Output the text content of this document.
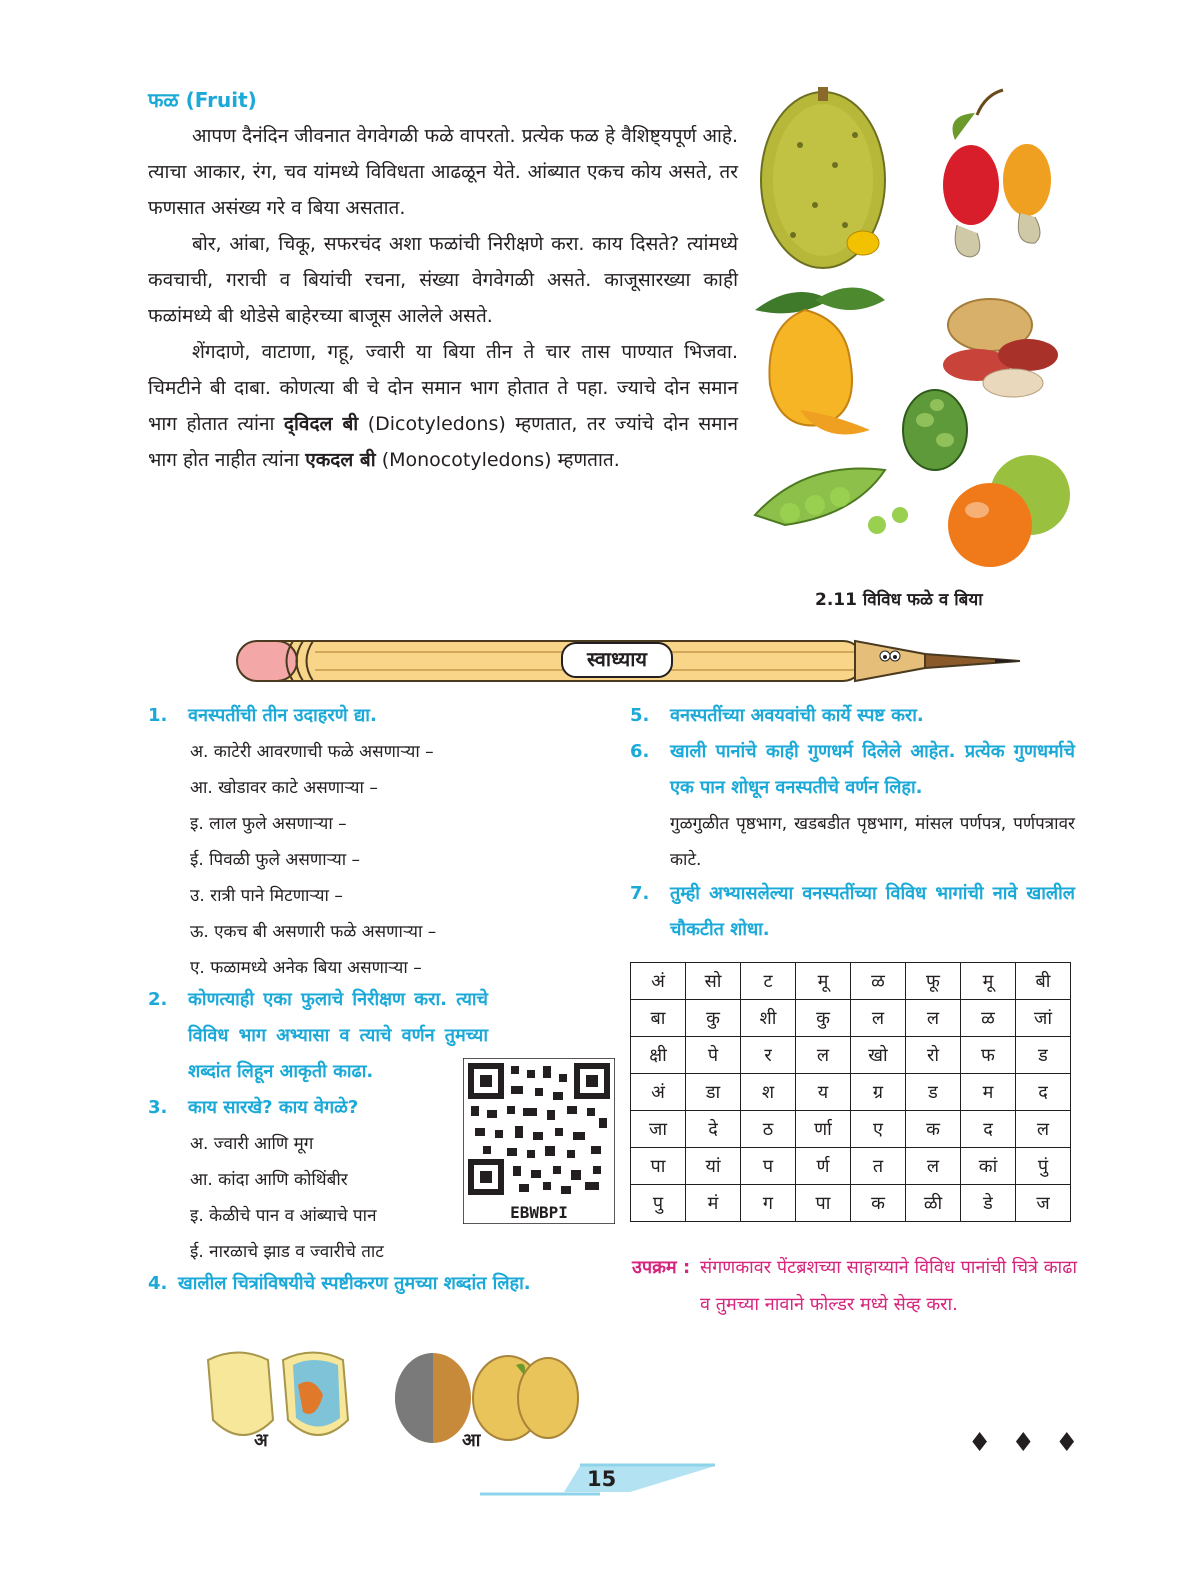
फळ (Fruit)

आपण दैनंदिन जीवनात वेगवेगळी फळे वापरतो. प्रत्येक फळ हे वैशिष्ट्यपूर्ण आहे. त्याचा आकार, रंग, चव यांमध्ये विविधता आढळून येते. आंब्यात एकच कोय असते, तर फणसात असंख्य गरे व बिया असतात.

बोर, आंबा, चिकू, सफरचंद अशा फळांची निरीक्षणे करा. काय दिसते? त्यांमध्ये कवचाची, गराची व बियांची रचना, संख्या वेगवेगळी असते. काजूसारख्या काही फळांमध्ये बी थोडेसे बाहेरच्या बाजूस आलेले असते.

शेंगदाणे, वाटाणा, गहू, ज्वारी या बिया तीन ते चार तास पाण्यात भिजवा. चिमटीने बी दाबा. कोणत्या बी चे दोन समान भाग होतात ते पहा. ज्याचे दोन समान भाग होतात त्यांना द्‌विदल बी (Dicotyledons) म्हणतात, तर ज्यांचे दोन समान भाग होत नाहीत त्यांना एकदल बी (Monocotyledons) म्हणतात.

2.11 विविध फळे व बिया
स्वाध्याय
1. वनस्पतींची तीन उदाहरणे द्या.
अ. काटेरी आवरणाची फळे असणाऱ्या –
आ. खोडावर काटे असणाऱ्या –
इ. लाल फुले असणाऱ्या –
ई. पिवळी फुले असणाऱ्या –
उ. रात्री पाने मिटणाऱ्या –
ऊ. एकच बी असणारी फळे असणाऱ्या –
ए. फळामध्ये अनेक बिया असणाऱ्या –
2.	कोणत्याही एका फुलाचे निरीक्षण करा. त्याचे विविध भाग अभ्यासा व त्याचे वर्णन तुमच्या शब्दांत लिहून आकृती काढा.
EBWBPI
3. काय सारखे? काय वेगळे?
अ. ज्वारी आणि मूग
आ. कांदा आणि कोथिंबीर
इ. केळीचे पान व आंब्याचे पान
ई. नारळाचे झाड व ज्वारीचे ताट
4. खालील चित्रांविषयीचे स्पष्टीकरण तुमच्या शब्दांत लिहा.
अ	आ
5. वनस्पतींच्या अवयवांची कार्ये स्पष्ट करा.
6.	खाली पानांचे काही गुणधर्म दिलेले आहेत. प्रत्येक गुणधर्माचे एक पान शोधून वनस्पतीचे वर्णन लिहा.
गुळगुळीत पृष्ठभाग, खडबडीत पृष्ठभाग, मांसल पर्णपत्र, पर्णपत्रावर काटे.
7.	तुम्ही अभ्यासलेल्या वनस्पतींच्या विविध भागांची नावे खालील चौकटीत शोधा.
अं	सो	ट	मू	ळ	फू	मू	बी
बा	कु	शी	कु	ल	ल	ळ	जां
क्षी	पे	र	ल	खो	रो	फ	ड
अं	डा	श	य	ग्र	ड	म	द
जा	दे	ठ	र्णा	ए	क	द	ल
पा	यां	प	र्ण	त	ल	कां	पुं
पु	मं	ग	पा	क	ळी	डे	ज
उपक्रम : संगणकावर पेंटब्रशच्या साहाय्याने विविध पानांची चित्रे काढा व तुमच्या नावाने फोल्डर मध्ये सेव्ह करा.
♦ ♦ ♦
15
